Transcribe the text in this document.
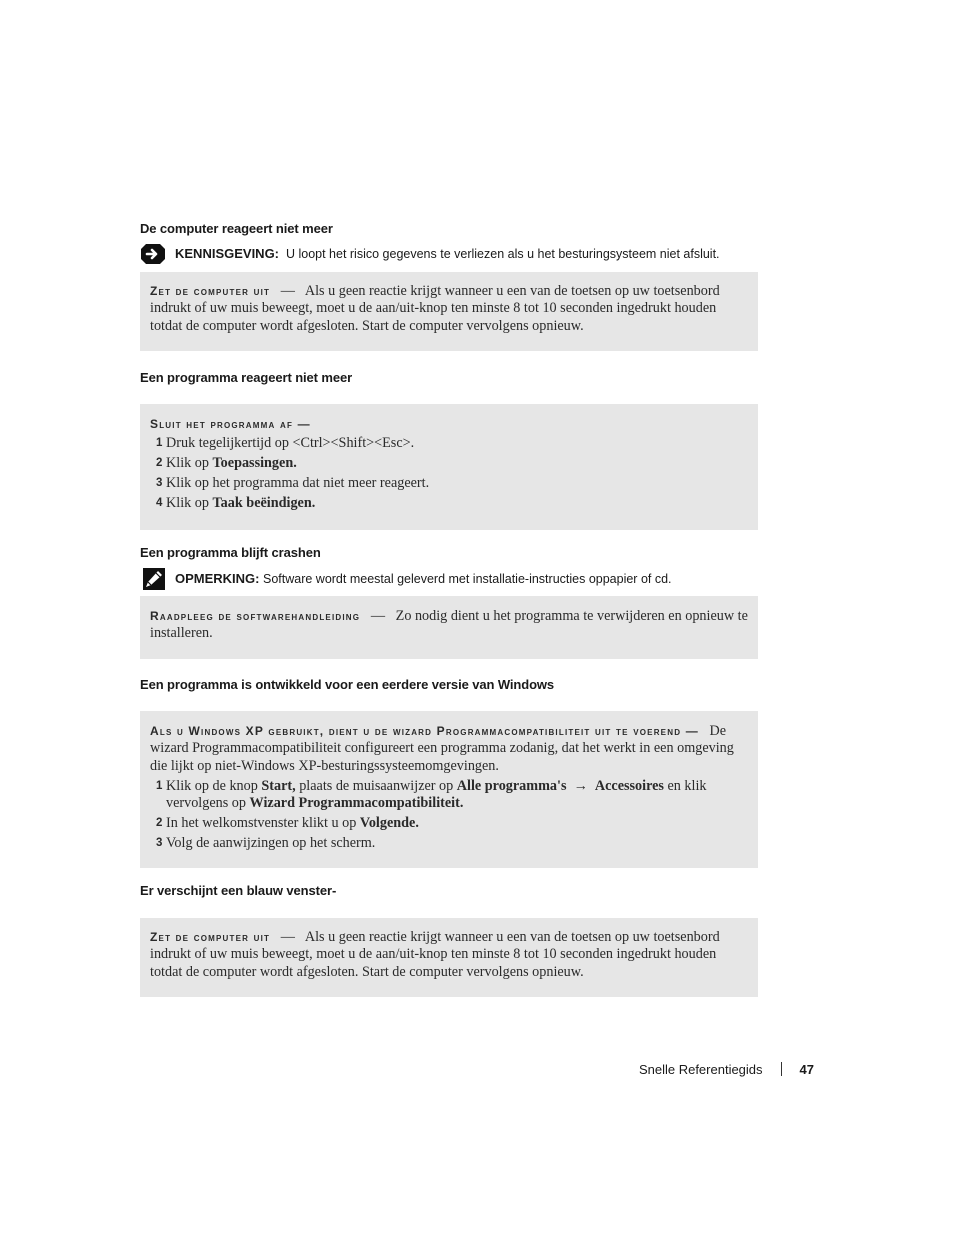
De computer reageert niet meer
KENNISGEVING: U loopt het risico gegevens te verliezen als u het besturingsysteem niet afsluit.

Zet de computer uit — Als u geen reactie krijgt wanneer u een van de toetsen op uw toetsenbord indrukt of uw muis beweegt, moet u de aan/uit-knop ten minste 8 tot 10 seconden ingedrukt houden totdat de computer wordt afgesloten. Start de computer vervolgens opnieuw.

Een programma reageert niet meer

Sluit het programma af —

1 Druk tegelijkertijd op <Ctrl><Shift><Esc>.
2 Klik op Toepassingen.
3 Klik op het programma dat niet meer reageert.
4 Klik op Taak beëindigen.
Een programma blijft crashen
OPMERKING: Software wordt meestal geleverd met installatie-instructies oppapier of cd.

Raadpleeg de softwarehandleiding — Zo nodig dient u het programma te verwijderen en opnieuw te installeren.

Een programma is ontwikkeld voor een eerdere versie van Windows

Als u Windows XP gebruikt, dient u de wizard Programmacompatibiliteit uit te voerend — De wizard Programmacompatibiliteit configureert een programma zodanig, dat het werkt in een omgeving die lijkt op niet-Windows XP-besturingssysteemomgevingen.

1 Klik op de knop Start, plaats de muisaanwijzer op Alle programma's → Accessoires en klik vervolgens op Wizard Programmacompatibiliteit.
2 In het welkomstvenster klikt u op Volgende.
3 Volg de aanwijzingen op het scherm.
Er verschijnt een blauw venster-

Zet de computer uit — Als u geen reactie krijgt wanneer u een van de toetsen op uw toetsenbord indrukt of uw muis beweegt, moet u de aan/uit-knop ten minste 8 tot 10 seconden ingedrukt houden totdat de computer wordt afgesloten. Start de computer vervolgens opnieuw.

Snelle Referentiegids	47
